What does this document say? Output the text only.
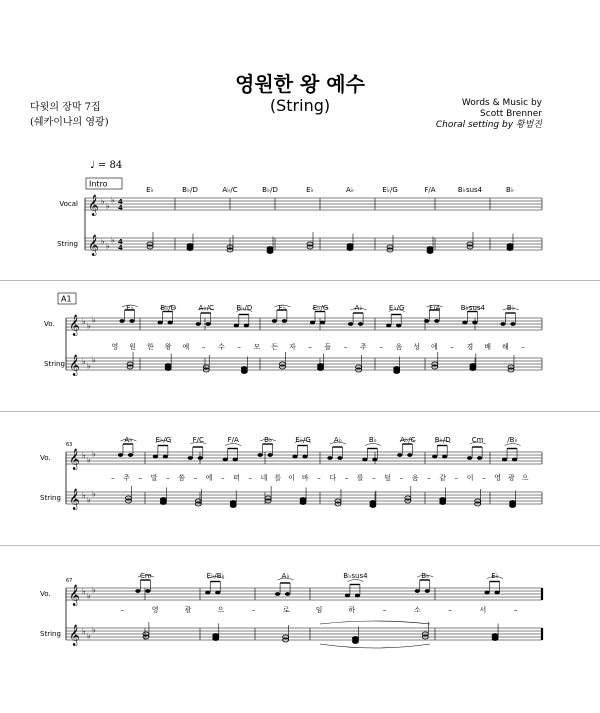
영원한 왕 예수
(String)
다윗의 장막 7집
(쉐카이나의 영광)
Words & Music by
Scott Brenner
Choral setting by 황범진
♩ = 84
Intro
Vocal 𝄞 ♭ ♭
♭ 4
4
String 𝄞 ♭ ♭
♭ 4
4
E♭	B♭/D	A♭/C	B♭/D	E♭	A♭	E♭/G	F/A	B♭sus4	B♭
A1
Vo. 𝄞 ♭ ♭
♭
String 𝄞 ♭ ♭
♭
E♭	B♭/D	A♭/C	B♭/D	E♭	E♭/G	A♭	E♭/G	F/A	B♭sus4	B♭
영 원 한 왕 예 – 수 – 모 든 자 – 들 – 주 – 음 성 에 – 경 배 해 –
Vo. 𝄞 ♭ ♭
♭
63
String 𝄞 ♭ ♭
♭
A♭	E♭/G	F/C	F/A	B♭	E♭/G	A♭	B♭	A♭/C	B♭/D	Cm	/B♭
– 주 – 말 – 씀 – 에 – 떠 – 네 를 이 바 – 다 – 를 – 덮 – 음 – 같 – 이 – 영 광 으
Vo. 𝄞 ♭ ♭
♭
67
String 𝄞 ♭ ♭
♭
Cm	E♭/B♭	A♭	B♭sus4	B♭	E♭
–	영	광	으	–	로	임	하	–	소	–	서	–
